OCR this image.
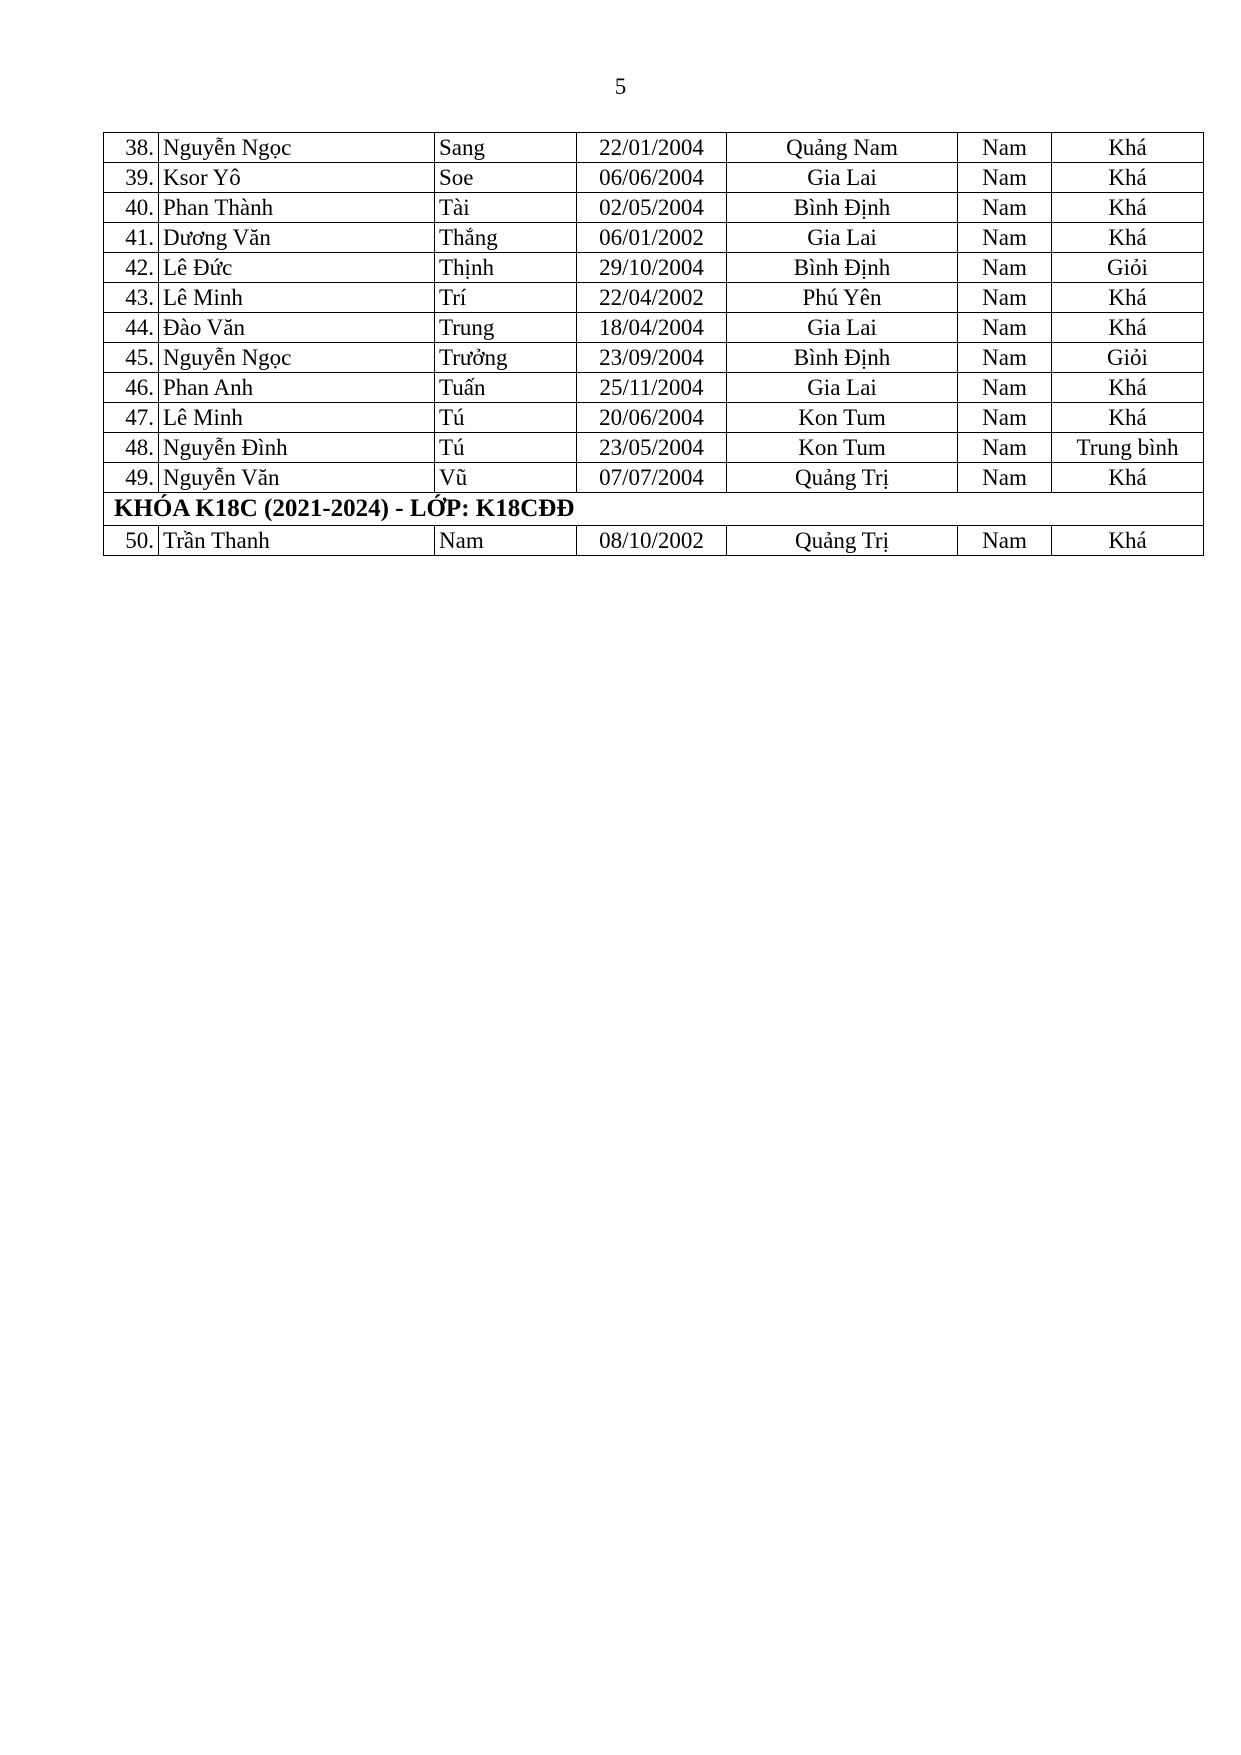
5
38.	Nguyễn Ngọc	Sang	22/01/2004	Quảng Nam	Nam	Khá
39.	Ksor Yô	Soe	06/06/2004	Gia Lai	Nam	Khá
40.	Phan Thành	Tài	02/05/2004	Bình Định	Nam	Khá
41.	Dương Văn	Thắng	06/01/2002	Gia Lai	Nam	Khá
42.	Lê Đức	Thịnh	29/10/2004	Bình Định	Nam	Giỏi
43.	Lê Minh	Trí	22/04/2002	Phú Yên	Nam	Khá
44.	Đào Văn	Trung	18/04/2004	Gia Lai	Nam	Khá
45.	Nguyễn Ngọc	Trưởng	23/09/2004	Bình Định	Nam	Giỏi
46.	Phan Anh	Tuấn	25/11/2004	Gia Lai	Nam	Khá
47.	Lê Minh	Tú	20/06/2004	Kon Tum	Nam	Khá
48.	Nguyễn Đình	Tú	23/05/2004	Kon Tum	Nam	Trung bình
49.	Nguyễn Văn	Vũ	07/07/2004	Quảng Trị	Nam	Khá
KHÓA K18C (2021-2024) - LỚP: K18CĐĐ						
50.	Trần Thanh	Nam	08/10/2002	Quảng Trị	Nam	Khá
